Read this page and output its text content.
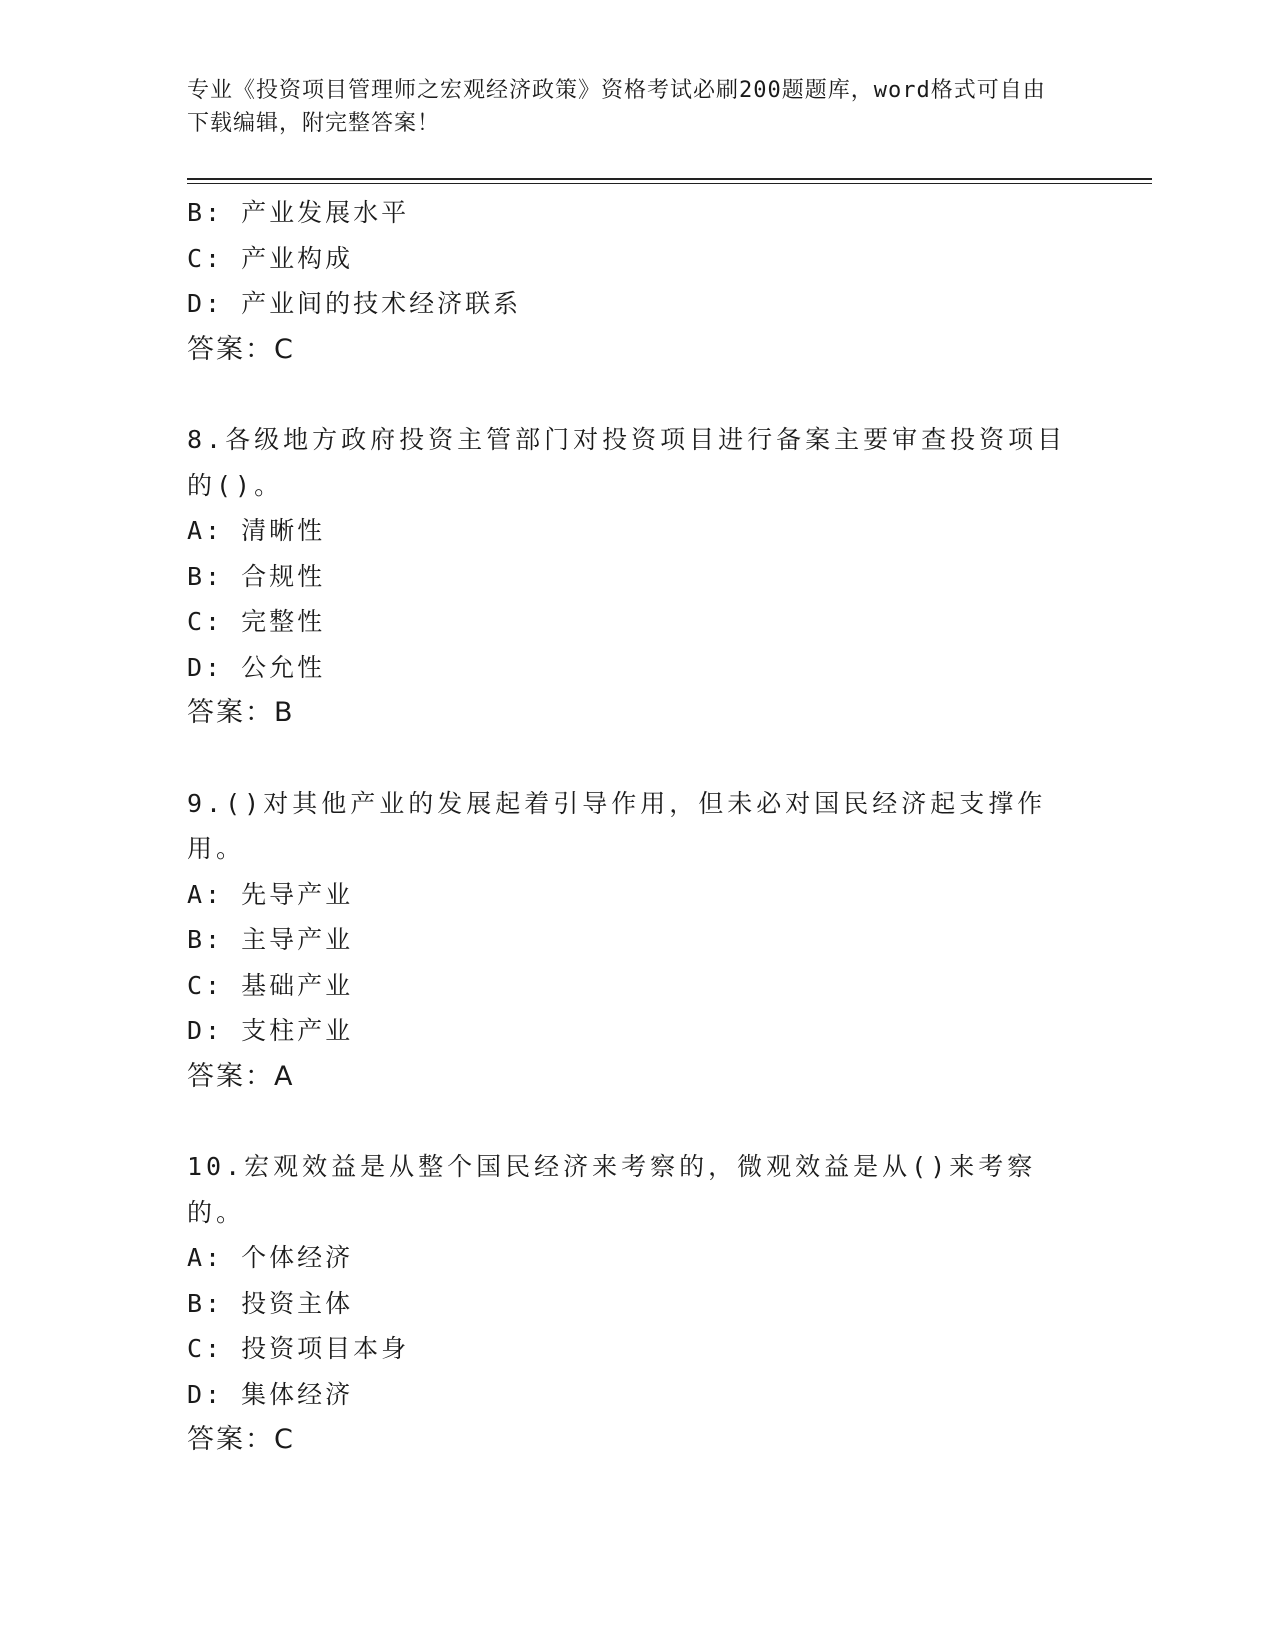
专业《投资项目管理师之宏观经济政策》资格考试必刷200题题库，word格式可自由下载编辑，附完整答案！
B: 产业发展水平
C: 产业构成
D: 产业间的技术经济联系
答案：C
8.各级地方政府投资主管部门对投资项目进行备案主要审查投资项目的()。
A: 清晰性
B: 合规性
C: 完整性
D: 公允性
答案：B
9.()对其他产业的发展起着引导作用，但未必对国民经济起支撑作用。
A: 先导产业
B: 主导产业
C: 基础产业
D: 支柱产业
答案：A
10.宏观效益是从整个国民经济来考察的，微观效益是从()来考察的。
A: 个体经济
B: 投资主体
C: 投资项目本身
D: 集体经济
答案：C
